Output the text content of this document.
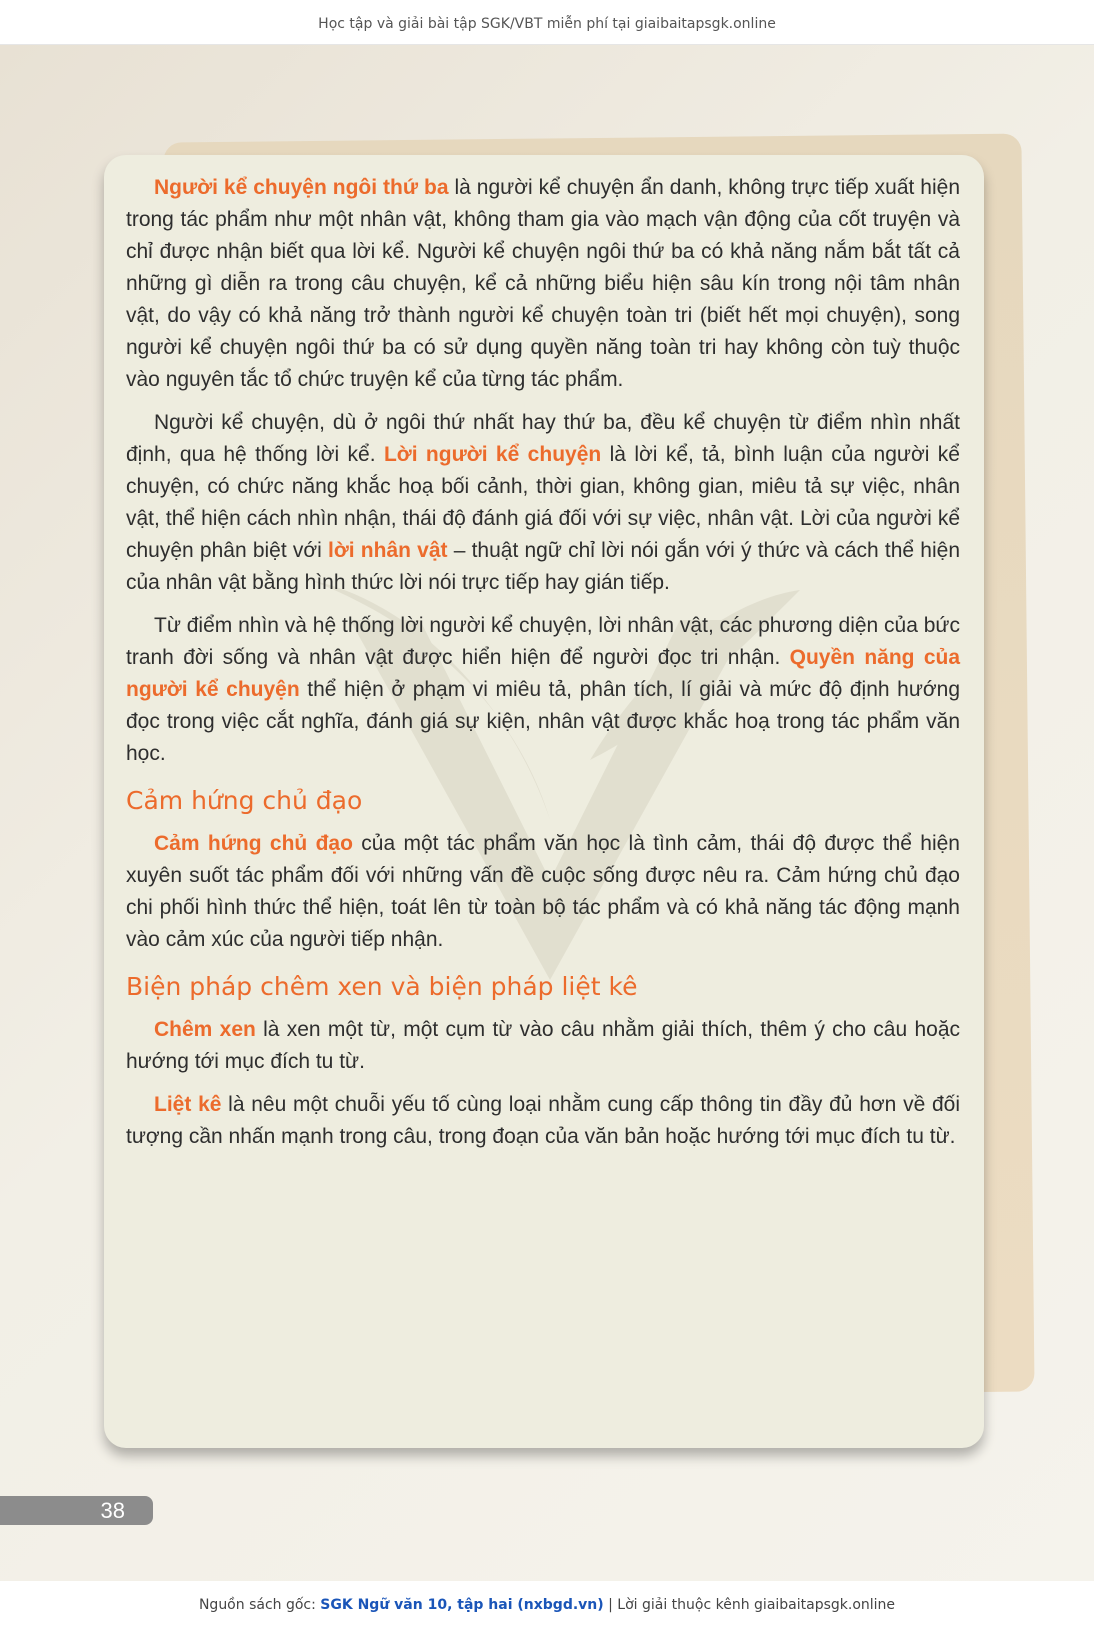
Học tập và giải bài tập SGK/VBT miễn phí tại giaibaitapsgk.online

Người kể chuyện ngôi thứ ba là người kể chuyện ẩn danh, không trực tiếp xuất hiện trong tác phẩm như một nhân vật, không tham gia vào mạch vận động của cốt truyện và chỉ được nhận biết qua lời kể. Người kể chuyện ngôi thứ ba có khả năng nắm bắt tất cả những gì diễn ra trong câu chuyện, kể cả những biểu hiện sâu kín trong nội tâm nhân vật, do vậy có khả năng trở thành người kể chuyện toàn tri (biết hết mọi chuyện), song người kể chuyện ngôi thứ ba có sử dụng quyền năng toàn tri hay không còn tuỳ thuộc vào nguyên tắc tổ chức truyện kể của từng tác phẩm.

Người kể chuyện, dù ở ngôi thứ nhất hay thứ ba, đều kể chuyện từ điểm nhìn nhất định, qua hệ thống lời kể. Lời người kể chuyện là lời kể, tả, bình luận của người kể chuyện, có chức năng khắc hoạ bối cảnh, thời gian, không gian, miêu tả sự việc, nhân vật, thể hiện cách nhìn nhận, thái độ đánh giá đối với sự việc, nhân vật. Lời của người kể chuyện phân biệt với lời nhân vật – thuật ngữ chỉ lời nói gắn với ý thức và cách thể hiện của nhân vật bằng hình thức lời nói trực tiếp hay gián tiếp.

Từ điểm nhìn và hệ thống lời người kể chuyện, lời nhân vật, các phương diện của bức tranh đời sống và nhân vật được hiển hiện để người đọc tri nhận. Quyền năng của người kể chuyện thể hiện ở phạm vi miêu tả, phân tích, lí giải và mức độ định hướng đọc trong việc cắt nghĩa, đánh giá sự kiện, nhân vật được khắc hoạ trong tác phẩm văn học.

Cảm hứng chủ đạo

Cảm hứng chủ đạo của một tác phẩm văn học là tình cảm, thái độ được thể hiện xuyên suốt tác phẩm đối với những vấn đề cuộc sống được nêu ra. Cảm hứng chủ đạo chi phối hình thức thể hiện, toát lên từ toàn bộ tác phẩm và có khả năng tác động mạnh vào cảm xúc của người tiếp nhận.

Biện pháp chêm xen và biện pháp liệt kê

Chêm xen là xen một từ, một cụm từ vào câu nhằm giải thích, thêm ý cho câu hoặc hướng tới mục đích tu từ.

Liệt kê là nêu một chuỗi yếu tố cùng loại nhằm cung cấp thông tin đầy đủ hơn về đối tượng cần nhấn mạnh trong câu, trong đoạn của văn bản hoặc hướng tới mục đích tu từ.

38
Nguồn sách gốc: SGK Ngữ văn 10, tập hai (nxbgd.vn) | Lời giải thuộc kênh giaibaitapsgk.online
